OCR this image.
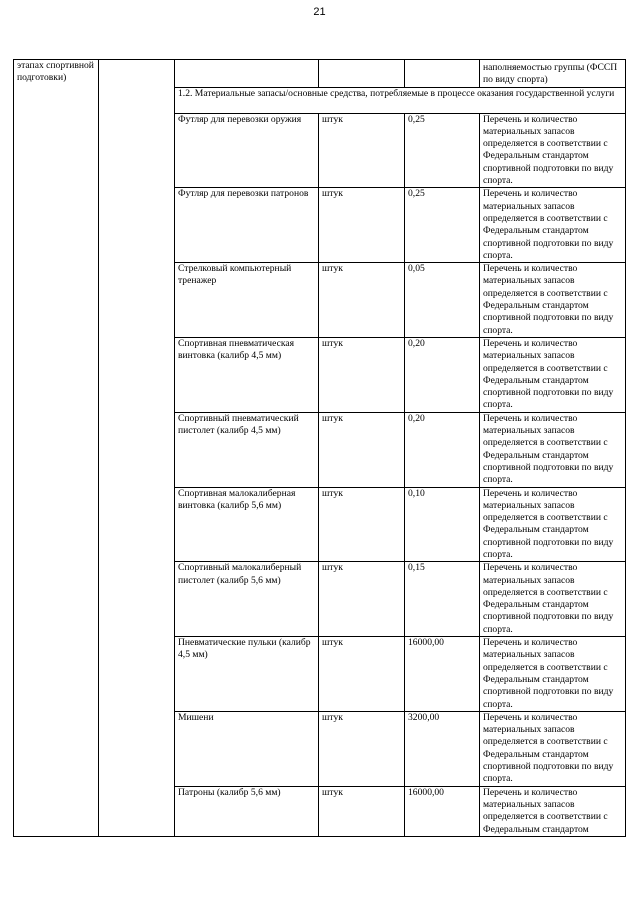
21
этапах спортивной подготовки)					наполняемостью группы (ФССП по виду спорта)

		1.2. Материальные запасы/основные средства, потребляемые в процессе оказания государственной услуги			
		Футляр для перевозки оружия	штук	0,25	Перечень и количество материальных запасов определяется в соответствии с Федеральным стандартом спортивной подготовки по виду спорта.
		Футляр для перевозки патронов	штук	0,25	Перечень и количество материальных запасов определяется в соответствии с Федеральным стандартом спортивной подготовки по виду спорта.
		Стрелковый компьютерный тренажер	штук	0,05	Перечень и количество материальных запасов определяется в соответствии с Федеральным стандартом спортивной подготовки по виду спорта.
		Спортивная пневматическая винтовка (калибр 4,5 мм)	штук	0,20	Перечень и количество материальных запасов определяется в соответствии с Федеральным стандартом спортивной подготовки по виду спорта.
		Спортивный пневматический пистолет (калибр 4,5 мм)	штук	0,20	Перечень и количество материальных запасов определяется в соответствии с Федеральным стандартом спортивной подготовки по виду спорта.
		Спортивная малокалиберная винтовка (калибр 5,6 мм)	штук	0,10	Перечень и количество материальных запасов определяется в соответствии с Федеральным стандартом спортивной подготовки по виду спорта.
		Спортивный малокалиберный пистолет (калибр 5,6 мм)	штук	0,15	Перечень и количество материальных запасов определяется в соответствии с Федеральным стандартом спортивной подготовки по виду спорта.
		Пневматические пульки (калибр 4,5 мм)	штук	16000,00	Перечень и количество материальных запасов определяется в соответствии с Федеральным стандартом спортивной подготовки по виду спорта.
		Мишени	штук	3200,00	Перечень и количество материальных запасов определяется в соответствии с Федеральным стандартом спортивной подготовки по виду спорта.
		Патроны (калибр 5,6 мм)	штук	16000,00	Перечень и количество материальных запасов определяется в соответствии с Федеральным стандартом
